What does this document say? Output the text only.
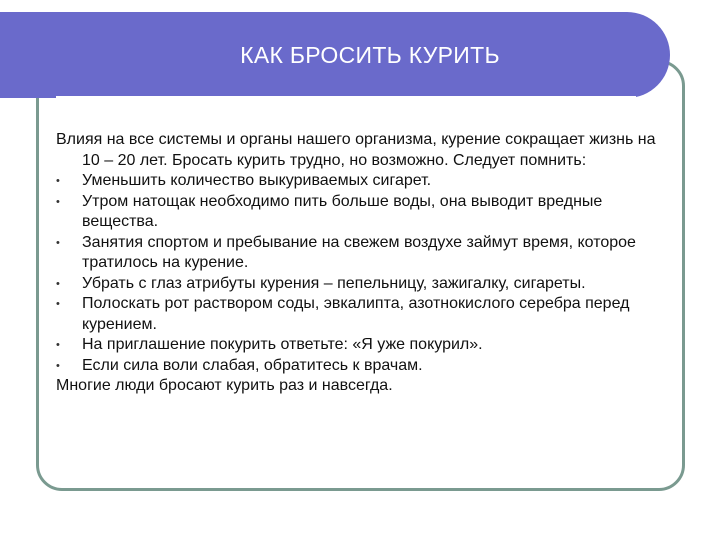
КАК БРОСИТЬ КУРИТЬ

Влияя на все системы и органы нашего организма, курение сокращает жизнь на 10 – 20 лет. Бросать курить трудно, но возможно. Следует помнить:

• Уменьшить количество выкуриваемых сигарет.
• Утром натощак необходимо пить больше воды, она выводит вредные вещества.
• Занятия спортом и пребывание на свежем воздухе займут время, которое тратилось на курение.
• Убрать с глаз атрибуты курения – пепельницу, зажигалку, сигареты.
• Полоскать рот раствором соды, эвкалипта, азотнокислого серебра перед курением.
• На приглашение покурить ответьте: «Я уже покурил».
• Если сила воли слабая, обратитесь к врачам.

Многие люди бросают курить раз и навсегда.
